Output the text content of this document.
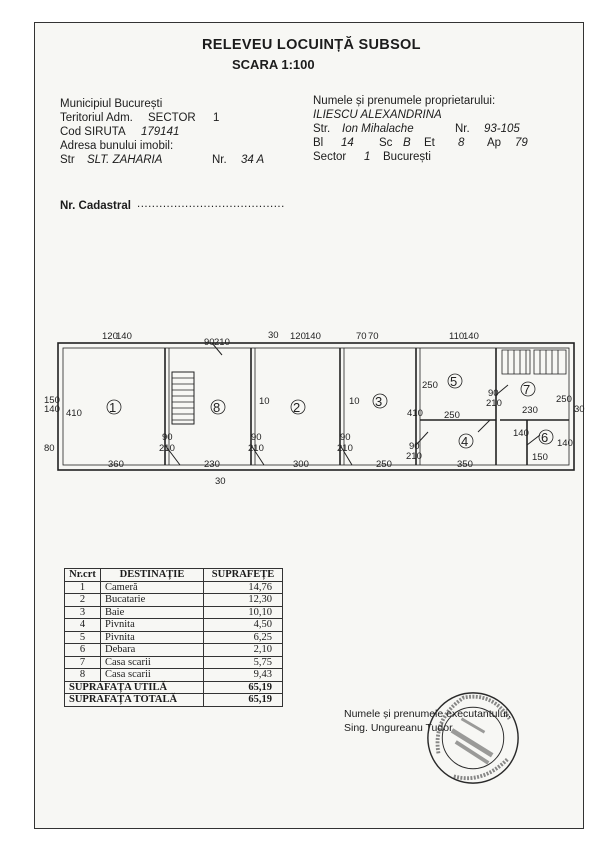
RELEVEU LOCUINȚĂ SUBSOL
SCARA 1:100
Municipiul București
Teritoriul Adm. SECTOR 1
Cod SIRUTA 179141
Adresa bunului imobil:
Str SLT. ZAHARIA	Nr. 34 A
Numele și prenumele proprietarului:
ILIESCU ALEXANDRINA
Str. Ion Mihalache	Nr. 93-105
Bl 14 Sc B Et 8 Ap 79
Sector 1 București
Nr. Cadastral ........................................
1	8	2	3
5
7
4	6
120
140
90 210
30 120 140	70 70	110
140
150
140 410
80
90
210
90
210
90
210
90
210
90
210
250
250
410	230
250
140
140
150
10	10
30
360	230	300	250	350
30
Nr.crt	DESTINAȚIE	SUPRAFEȚE
1	Cameră	14,76
2	Bucatarie	12,30
3	Baie	10,10
4	Pivnita	4,50
5	Pivnita	6,25
6	Debara	2,10
7	Casa scarii	5,75
8	Casa scarii	9,43
SUPRAFAȚA UTILĂ		65,19
SUPRAFAȚA TOTALĂ		65,19
Numele și prenumele executantului:
Sing. Ungureanu Tudor
